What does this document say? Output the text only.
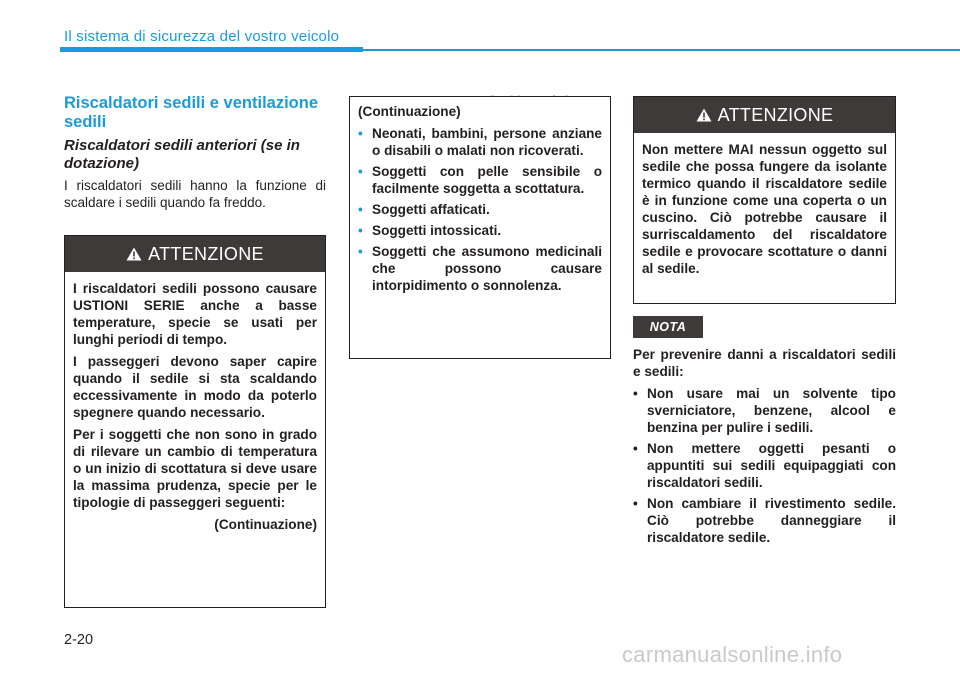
Il sistema di sicurezza del vostro veicolo
Riscaldatori sedili e ventilazione sedili
Riscaldatori sedili anteriori (se in dotazione)

I riscaldatori sedili hanno la funzione di scaldare i sedili quando fa freddo.

ATTENZIONE

I riscaldatori sedili possono causare USTIONI SERIE anche a basse temperature, specie se usati per lunghi periodi di tempo.

I passeggeri devono saper capire quando il sedile si sta scaldando eccessivamente in modo da poterlo spegnere quando necessario.

Per i soggetti che non sono in grado di rilevare un cambio di temperatura o un inizio di scottatura si deve usare la massima prudenza, specie per le tipologie di passeggeri seguenti:

(Continuazione)

(Continuazione)

• Neonati, bambini, persone anziane o disabili o malati non ricoverati.
• Soggetti con pelle sensibile o facilmente soggetta a scottatura.
• Soggetti affaticati.
• Soggetti intossicati.
• Soggetti che assumono medicinali che possono causare intorpidimento o sonnolenza.
ATTENZIONE

Non mettere MAI nessun oggetto sul sedile che possa fungere da isolante termico quando il riscaldatore sedile è in funzione come una coperta o un cuscino. Ciò potrebbe causare il surriscaldamento del riscaldatore sedile e provocare scottature o danni al sedile.

NOTA

Per prevenire danni a riscaldatori sedili e sedili:

• Non usare mai un solvente tipo sverniciatore, benzene, alcool e benzina per pulire i sedili.
• Non mettere oggetti pesanti o appuntiti sui sedili equipaggiati con riscaldatori sedili.
• Non cambiare il rivestimento sedile. Ciò potrebbe danneggiare il riscaldatore sedile.
2-20
carmanualsonline.info
